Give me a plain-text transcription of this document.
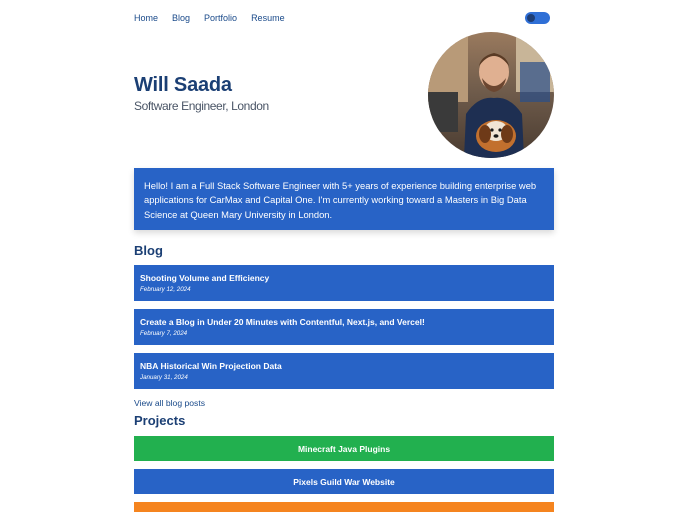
Home Blog Portfolio Resume
Will Saada
Software Engineer, London
Hello! I am a Full Stack Software Engineer with 5+ years of experience building enterprise web applications for CarMax and Capital One. I'm currently working toward a Masters in Big Data Science at Queen Mary University in London.
Blog
Shooting Volume and Efficiency
February 12, 2024
Create a Blog in Under 20 Minutes with Contentful, Next.js, and Vercel!
February 7, 2024
NBA Historical Win Projection Data
January 31, 2024
View all blog posts
Projects
Minecraft Java Plugins
Pixels Guild War Website
